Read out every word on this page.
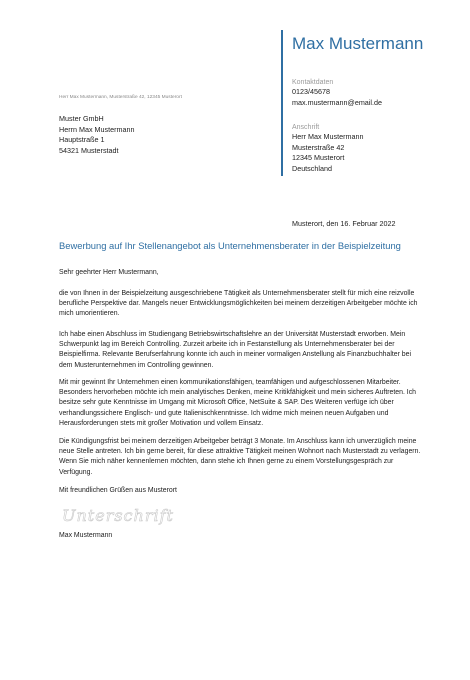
Max Mustermann
Kontaktdaten
0123/45678
max.mustermann@email.de
Anschrift
Herr Max Mustermann
Musterstraße 42
12345 Musterort
Deutschland
Herr Max Mustermann, Musterstraße 42, 12345 Musterort
Muster GmbH
Herrn Max Mustermann
Hauptstraße 1
54321 Musterstadt
Musterort, den 16. Februar 2022
Bewerbung auf Ihr Stellenangebot als Unternehmensberater in der Beispielzeitung
Sehr geehrter Herr Mustermann,
die von Ihnen in der Beispielzeitung ausgeschriebene Tätigkeit als Unternehmensberater stellt für mich eine reizvolle berufliche Perspektive dar. Mangels neuer Entwicklungsmöglichkeiten bei meinem derzeitigen Arbeitgeber möchte ich mich umorientieren.
Ich habe einen Abschluss im Studiengang Betriebswirtschaftslehre an der Universität Musterstadt erworben. Mein Schwerpunkt lag im Bereich Controlling. Zurzeit arbeite ich in Festanstellung als Unternehmensberater bei der Beispielfirma. Relevante Berufserfahrung konnte ich auch in meiner vormaligen Anstellung als Finanzbuchhalter bei dem Musterunternehmen im Controlling gewinnen.
Mit mir gewinnt Ihr Unternehmen einen kommunikationsfähigen, teamfähigen und aufgeschlossenen Mitarbeiter. Besonders hervorheben möchte ich mein analytisches Denken, meine Kritikfähigkeit und mein sicheres Auftreten. Ich besitze sehr gute Kenntnisse im Umgang mit Microsoft Office, NetSuite & SAP. Des Weiteren verfüge ich über verhandlungssichere Englisch- und gute Italienischkenntnisse. Ich widme mich meinen neuen Aufgaben und Herausforderungen stets mit großer Motivation und vollem Einsatz.
Die Kündigungsfrist bei meinem derzeitigen Arbeitgeber beträgt 3 Monate. Im Anschluss kann ich unverzüglich meine neue Stelle antreten. Ich bin gerne bereit, für diese attraktive Tätigkeit meinen Wohnort nach Musterstadt zu verlagern. Wenn Sie mich näher kennenlernen möchten, dann stehe ich Ihnen gerne zu einem Vorstellungsgespräch zur Verfügung.
Mit freundlichen Grüßen aus Musterort
Unterschrift
Max Mustermann
